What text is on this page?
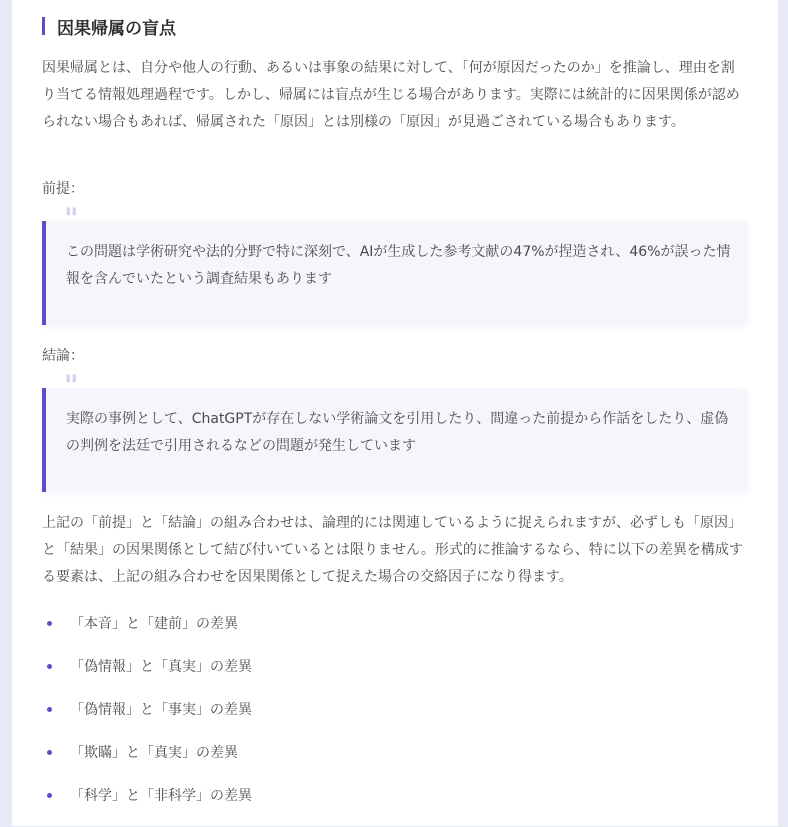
因果帰属の盲点

因果帰属とは、自分や他人の行動、あるいは事象の結果に対して、「何が原因だったのか」を推論し、理由を割り当てる情報処理過程です。しかし、帰属には盲点が生じる場合があります。実際には統計的に因果関係が認められない場合もあれば、帰属された「原因」とは別様の「原因」が見過ごされている場合もあります。

前提：
"

この問題は学術研究や法的分野で特に深刻で、AIが生成した参考文献の47%が捏造され、46%が誤った情報を含んでいたという調査結果もあります

結論：
"

実際の事例として、ChatGPTが存在しない学術論文を引用したり、間違った前提から作話をしたり、虚偽の判例を法廷で引用されるなどの問題が発生しています

上記の「前提」と「結論」の組み合わせは、論理的には関連しているように捉えられますが、必ずしも「原因」と「結果」の因果関係として結び付いているとは限りません。形式的に推論するなら、特に以下の差異を構成する要素は、上記の組み合わせを因果関係として捉えた場合の交絡因子になり得ます。

「本音」と「建前」の差異
「偽情報」と「真実」の差異
「偽情報」と「事実」の差異
「欺瞞」と「真実」の差異
「科学」と「非科学」の差異
